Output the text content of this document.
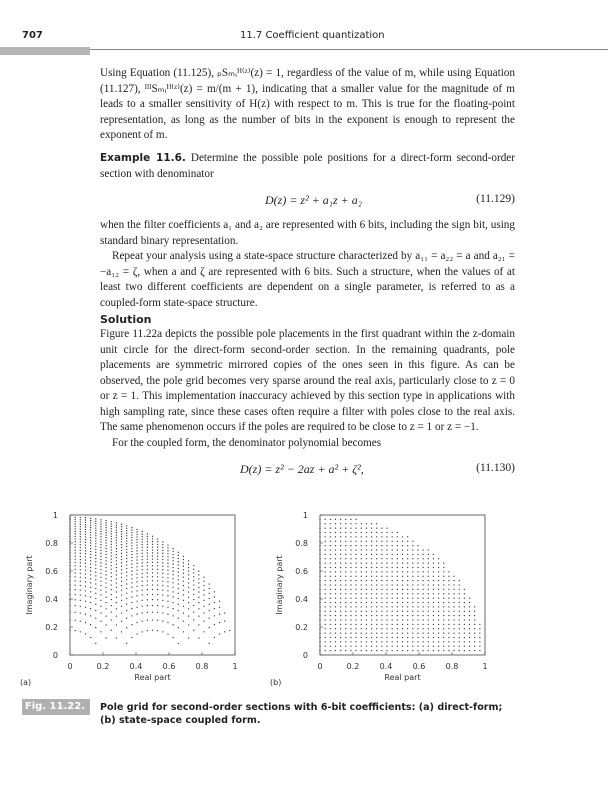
707	11.7 Coefficient quantization

Using Equation (11.125), ₚSₘᵢᴴ⁽ᶻ⁾(z) = 1, regardless of the value of m, while using Equation (11.127), ᴵᴵᴵSₘᵢᴴ⁽ᶻ⁾(z) = m/(m + 1), indicating that a smaller value for the magnitude of m leads to a smaller sensitivity of H(z) with respect to m. This is true for the floating-point representation, as long as the number of bits in the exponent is enough to represent the exponent of m.

Example 11.6. Determine the possible pole positions for a direct-form second-order section with denominator

D(z) = z² + a₁z + a₂	(11.129)

when the filter coefficients a₁ and a₂ are represented with 6 bits, including the sign bit, using standard binary representation.

Repeat your analysis using a state-space structure characterized by a₁₁ = a₂₂ = a and a₂₁ = −a₁₂ = ζ, when a and ζ are represented with 6 bits. Such a structure, when the values of at least two different coefficients are dependent on a single parameter, is referred to as a coupled-form state-space structure.

Solution

Figure 11.22a depicts the possible pole placements in the first quadrant within the z-domain unit circle for the direct-form second-order section. In the remaining quadrants, pole placements are symmetric mirrored copies of the ones seen in this figure. As can be observed, the pole grid becomes very sparse around the real axis, particularly close to z = 0 or z = 1. This implementation inaccuracy achieved by this section type in applications with high sampling rate, since these cases often require a filter with poles close to the real axis. The same phenomenon occurs if the poles are required to be close to z = 1 or z = −1.

For the coupled form, the denominator polynomial becomes

D(z) = z² − 2az + a² + ζ²,	(11.130)
0	0.2	0.4	0.6	0.8	1
0
0.2
0.4
0.6
0.8
1
Real part
Imaginary part
(a)
0	0.2	0.4	0.6	0.8	1
0
0.2
0.4
0.6
0.8
1
Real part
Imaginary part
(b)
Fig. 11.22.	Pole grid for second-order sections with 6-bit coefficients: (a) direct-form; (b) state-space coupled form.
